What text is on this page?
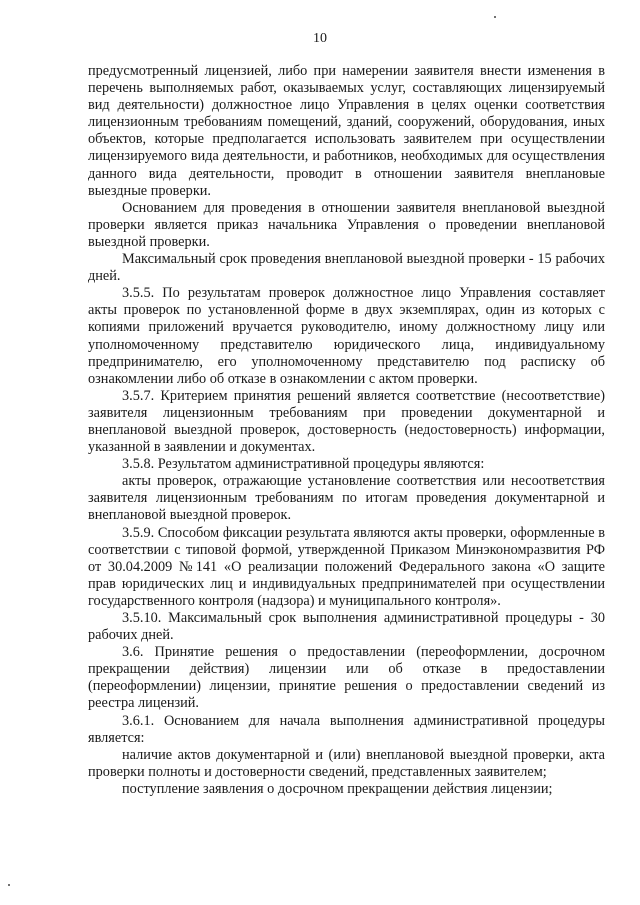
10

предусмотренный лицензией, либо при намерении заявителя внести изменения в перечень выполняемых работ, оказываемых услуг, составляющих лицензируемый вид деятельности) должностное лицо Управления в целях оценки соответствия лицензионным требованиям помещений, зданий, сооружений, оборудования, иных объектов, которые предполагается использовать заявителем при осуществлении лицензируемого вида деятельности, и работников, необходимых для осуществления данного вида деятельности, проводит в отношении заявителя внеплановые выездные проверки.

Основанием для проведения в отношении заявителя внеплановой выездной проверки является приказ начальника Управления о проведении внеплановой выездной проверки.

Максимальный срок проведения внеплановой выездной проверки - 15 рабочих дней.

3.5.5. По результатам проверок должностное лицо Управления составляет акты проверок по установленной форме в двух экземплярах, один из которых с копиями приложений вручается руководителю, иному должностному лицу или уполномоченному представителю юридического лица, индивидуальному предпринимателю, его уполномоченному представителю под расписку об ознакомлении либо об отказе в ознакомлении с актом проверки.

3.5.7. Критерием принятия решений является соответствие (несоответствие) заявителя лицензионным требованиям при проведении документарной и внеплановой выездной проверок, достоверность (недостоверность) информации, указанной в заявлении и документах.

3.5.8. Результатом административной процедуры являются:

акты проверок, отражающие установление соответствия или несоответствия заявителя лицензионным требованиям по итогам проведения документарной и внеплановой выездной проверок.

3.5.9. Способом фиксации результата являются акты проверки, оформленные в соответствии с типовой формой, утвержденной Приказом Минэкономразвития РФ от 30.04.2009 №141 «О реализации положений Федерального закона «О защите прав юридических лиц и индивидуальных предпринимателей при осуществлении государственного контроля (надзора) и муниципального контроля».

3.5.10. Максимальный срок выполнения административной процедуры - 30 рабочих дней.

3.6. Принятие решения о предоставлении (переоформлении, досрочном прекращении действия) лицензии или об отказе в предоставлении (переоформлении) лицензии, принятие решения о предоставлении сведений из реестра лицензий.

3.6.1. Основанием для начала выполнения административной процедуры является:

наличие актов документарной и (или) внеплановой выездной проверки, акта проверки полноты и достоверности сведений, представленных заявителем;

поступление заявления о досрочном прекращении действия лицензии;
